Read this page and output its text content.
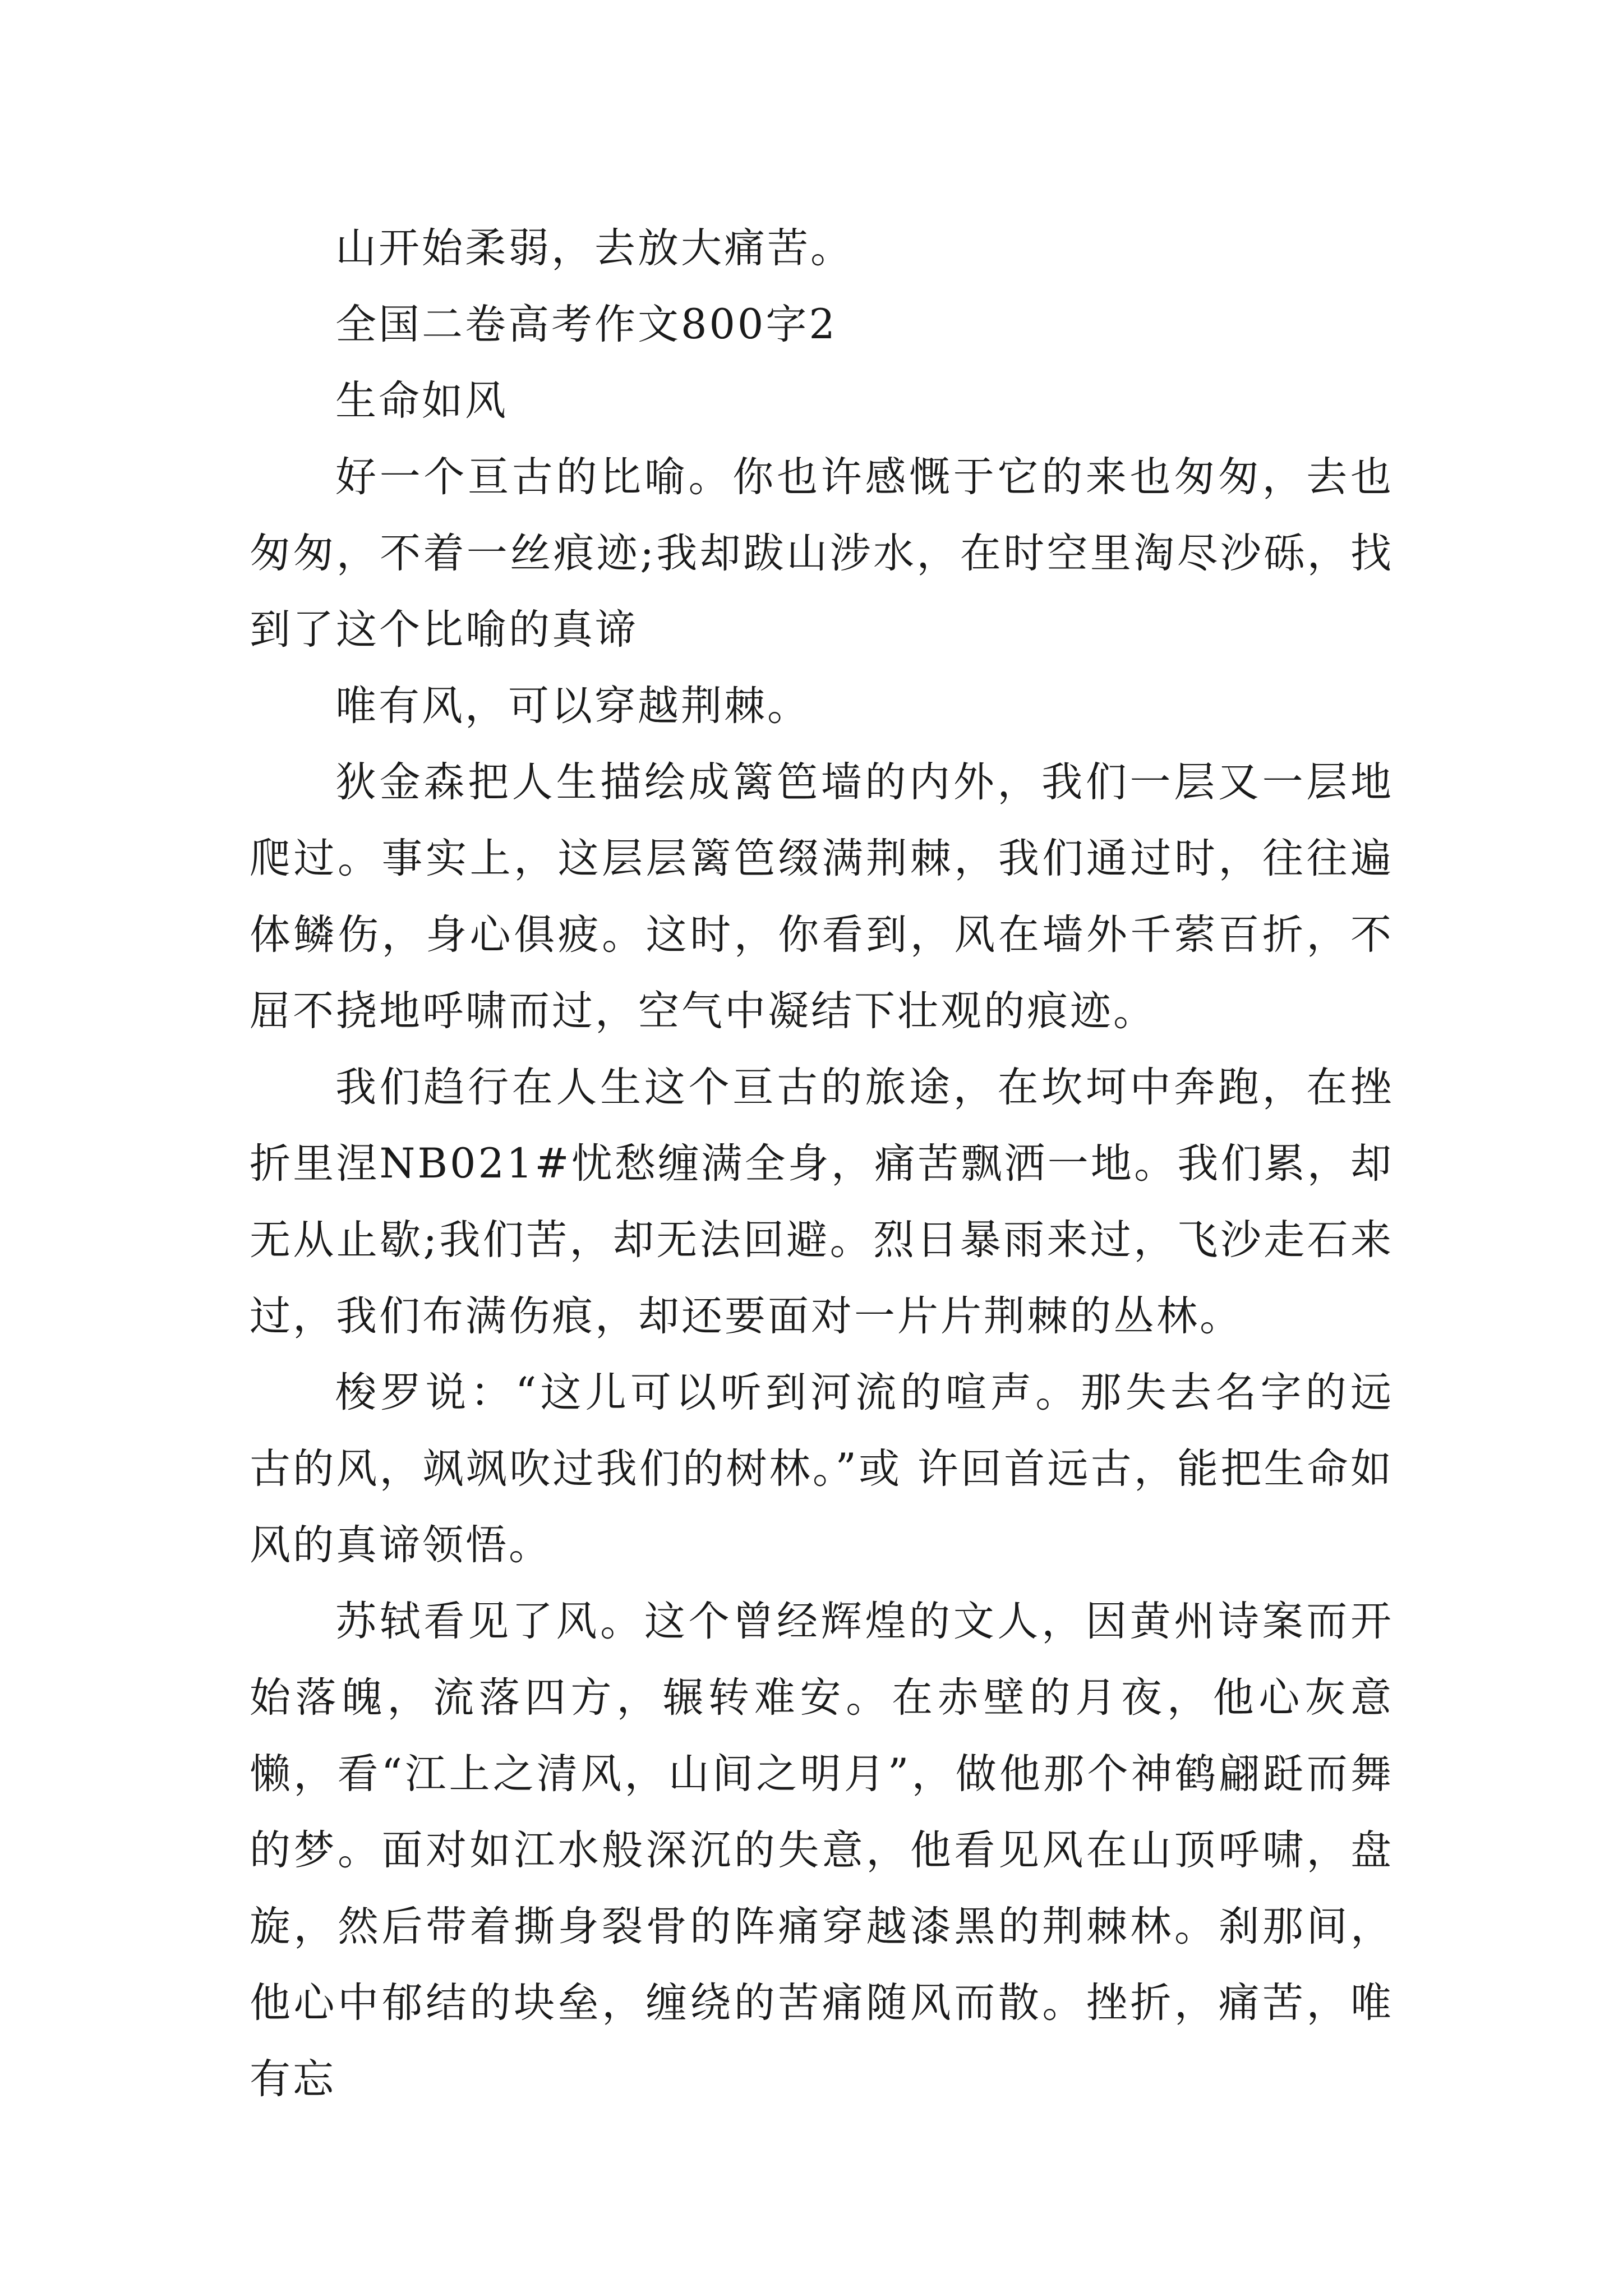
山开始柔弱，去放大痛苦。

全国二卷高考作文800字2

生命如风

好一个亘古的比喻。你也许感慨于它的来也匆匆，去也匆匆，不着一丝痕迹;我却跋山涉水，在时空里淘尽沙砾，找到了这个比喻的真谛

唯有风，可以穿越荆棘。

狄金森把人生描绘成篱笆墙的内外，我们一层又一层地爬过。事实上，这层层篱笆缀满荆棘，我们通过时，往往遍体鳞伤，身心俱疲。这时，你看到，风在墙外千萦百折，不屈不挠地呼啸而过，空气中凝结下壮观的痕迹。

我们趋行在人生这个亘古的旅途，在坎坷中奔跑，在挫折里涅NB021#忧愁缠满全身，痛苦飘洒一地。我们累，却无从止歇;我们苦，却无法回避。烈日暴雨来过，飞沙走石来过，我们布满伤痕，却还要面对一片片荆棘的丛林。

梭罗说：“这儿可以听到河流的喧声。那失去名字的远古的风，飒飒吹过我们的树林。”或 许回首远古，能把生命如风的真谛领悟。

苏轼看见了风。这个曾经辉煌的文人，因黄州诗案而开始落魄，流落四方，辗转难安。在赤壁的月夜，他心灰意懒，看“江上之清风，山间之明月”，做他那个神鹤翩跹而舞的梦。面对如江水般深沉的失意，他看见风在山顶呼啸，盘旋，然后带着撕身裂骨的阵痛穿越漆黑的荆棘林。刹那间，他心中郁结的块垒，缠绕的苦痛随风而散。挫折，痛苦，唯有忘
